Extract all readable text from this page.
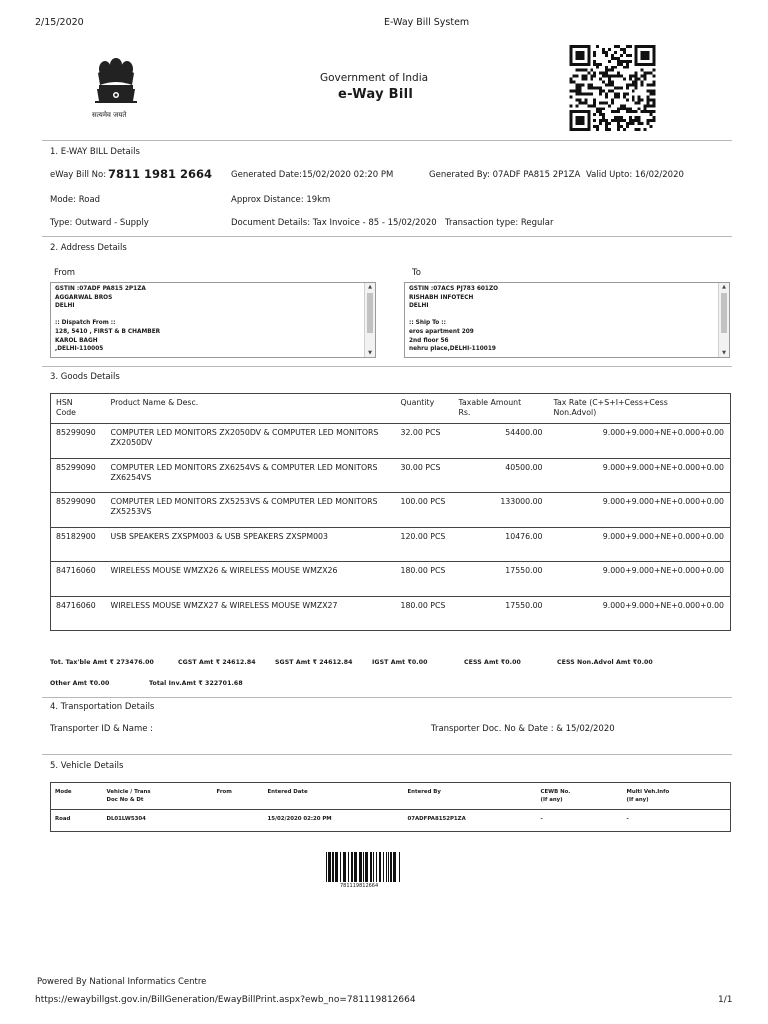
2/15/2020	E-Way Bill System
सत्यमेव जयते
Government of India
e-Way Bill
1. E-WAY BILL Details
eWay Bill No: 7811 1981 2664 Generated Date:15/02/2020 02:20 PM	Generated By: 07ADF PA815 2P1ZA Valid Upto: 16/02/2020
Mode: Road	Approx Distance: 19km
Type: Outward - Supply	Document Details: Tax Invoice - 85 - 15/02/2020 Transaction type: Regular
2. Address Details
From	To
GSTIN :07ADF PA815 2P1ZA
AGGARWAL BROS
DELHI

:: Dispatch From ::
128, 5410 , FIRST & B CHAMBER
KAROL BAGH
,DELHI-110005
▲
▼
GSTIN :07ACS PJ783 601ZO
RISHABH INFOTECH
DELHI

:: Ship To ::
eros apartment 209
2nd floor 56
nehru place,DELHI-110019
▲
▼
3. Goods Details
HSN
Code	Product Name & Desc.	Quantity	Taxable Amount
Rs.	Tax Rate (C+S+I+Cess+Cess
Non.Advol)
85299090	COMPUTER LED MONITORS ZX2050DV & COMPUTER LED MONITORS ZX2050DV	32.00 PCS	54400.00	9.000+9.000+NE+0.000+0.00
85299090	COMPUTER LED MONITORS ZX6254VS & COMPUTER LED MONITORS ZX6254VS	30.00 PCS	40500.00	9.000+9.000+NE+0.000+0.00
85299090	COMPUTER LED MONITORS ZX5253VS & COMPUTER LED MONITORS ZX5253VS	100.00 PCS	133000.00	9.000+9.000+NE+0.000+0.00
85182900	USB SPEAKERS ZXSPM003 & USB SPEAKERS ZXSPM003	120.00 PCS	10476.00	9.000+9.000+NE+0.000+0.00
84716060	WIRELESS MOUSE WMZX26 & WIRELESS MOUSE WMZX26	180.00 PCS	17550.00	9.000+9.000+NE+0.000+0.00
84716060	WIRELESS MOUSE WMZX27 & WIRELESS MOUSE WMZX27	180.00 PCS	17550.00	9.000+9.000+NE+0.000+0.00
Tot. Tax'ble Amt ₹ 273476.00	CGST Amt ₹ 24612.84	SGST Amt ₹ 24612.84	IGST Amt ₹0.00	CESS Amt ₹0.00	CESS Non.Advol Amt ₹0.00
Other Amt ₹0.00	Total Inv.Amt ₹ 322701.68
4. Transportation Details
Transporter ID & Name :	Transporter Doc. No & Date : & 15/02/2020
5. Vehicle Details
Mode	Vehicle / Trans
Doc No & Dt	From	Entered Date	Entered By	CEWB No.
(If any)	Multi Veh.Info
(If any)
Road	DL01LW5304		15/02/2020 02:20 PM	07ADFPA8152P1ZA	-	-
781119812664
Powered By National Informatics Centre
https://ewaybillgst.gov.in/BillGeneration/EwayBillPrint.aspx?ewb_no=781119812664	1/1
